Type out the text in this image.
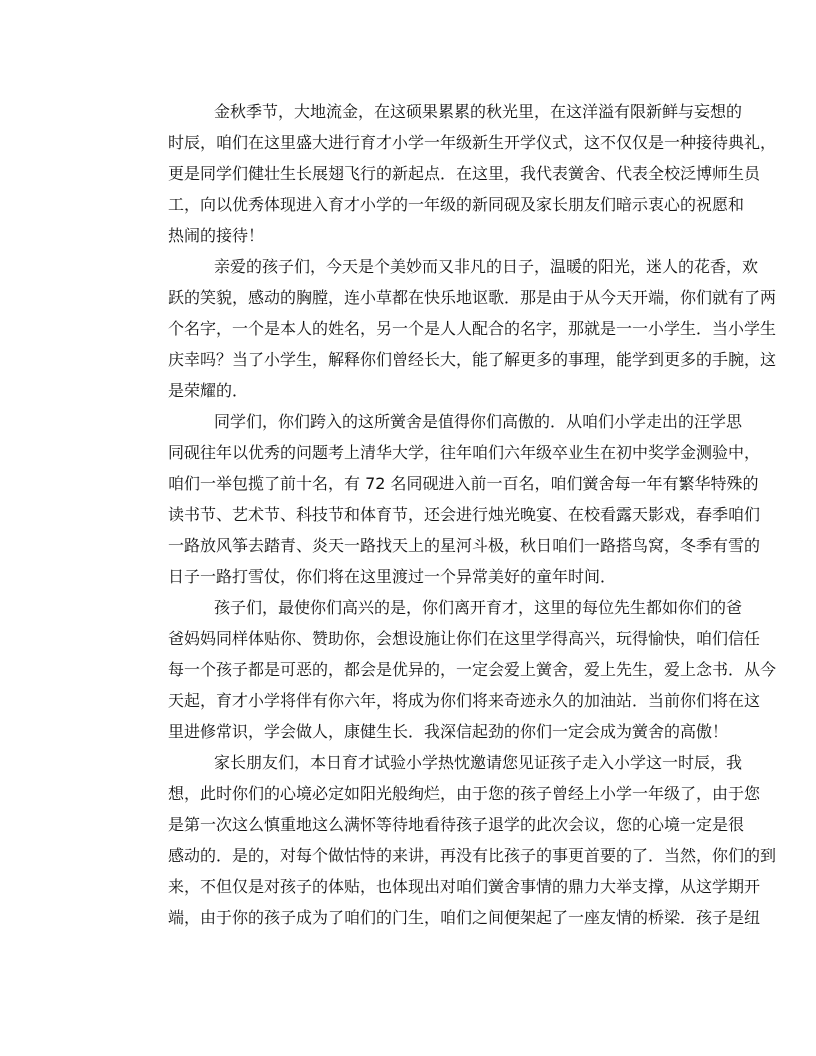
金秋季节，大地流金，在这硕果累累的秋光里，在这洋溢有限新鲜与妄想的
时辰，咱们在这里盛大进行育才小学一年级新生开学仪式，这不仅仅是一种接待典礼，
更是同学们健壮生长展翅飞行的新起点．在这里，我代表黉舍、代表全校泛博师生员
工，向以优秀体现进入育才小学的一年级的新同砚及家长朋友们暗示衷心的祝愿和
热闹的接待！
亲爱的孩子们，今天是个美妙而又非凡的日子，温暖的阳光，迷人的花香，欢
跃的笑貌，感动的胸膛，连小草都在快乐地讴歌．那是由于从今天开端，你们就有了两
个名字，一个是本人的姓名，另一个是人人配合的名字，那就是一一小学生．当小学生
庆幸吗？当了小学生，解释你们曾经长大，能了解更多的事理，能学到更多的手腕，这
是荣耀的．
同学们，你们跨入的这所黉舍是值得你们高傲的．从咱们小学走出的汪学思
同砚往年以优秀的问题考上清华大学，往年咱们六年级卒业生在初中奖学金测验中，
咱们一举包揽了前十名，有 72 名同砚进入前一百名，咱们黉舍每一年有繁华特殊的
读书节、艺术节、科技节和体育节，还会进行烛光晚宴、在校看露天影戏，春季咱们
一路放风筝去踏青、炎天一路找天上的星河斗极，秋日咱们一路搭鸟窝，冬季有雪的
日子一路打雪仗，你们将在这里渡过一个异常美好的童年时间．
孩子们，最使你们高兴的是，你们离开育才，这里的每位先生都如你们的爸
爸妈妈同样体贴你、赞助你，会想设施让你们在这里学得高兴，玩得愉快，咱们信任
每一个孩子都是可恶的，都会是优异的，一定会爱上黉舍，爱上先生，爱上念书．从今
天起，育才小学将伴有你六年，将成为你们将来奇迹永久的加油站．当前你们将在这
里进修常识，学会做人，康健生长．我深信起劲的你们一定会成为黉舍的高傲！
家长朋友们，本日育才试验小学热忱邀请您见证孩子走入小学这一时辰，我
想，此时你们的心境必定如阳光般绚烂，由于您的孩子曾经上小学一年级了，由于您
是第一次这么慎重地这么满怀等待地看待孩子退学的此次会议，您的心境一定是很
感动的．是的，对每个做怙恃的来讲，再没有比孩子的事更首要的了．当然，你们的到
来，不但仅是对孩子的体贴，也体现出对咱们黉舍事情的鼎力大举支撑，从这学期开
端，由于你的孩子成为了咱们的门生，咱们之间便架起了一座友情的桥梁．孩子是纽
